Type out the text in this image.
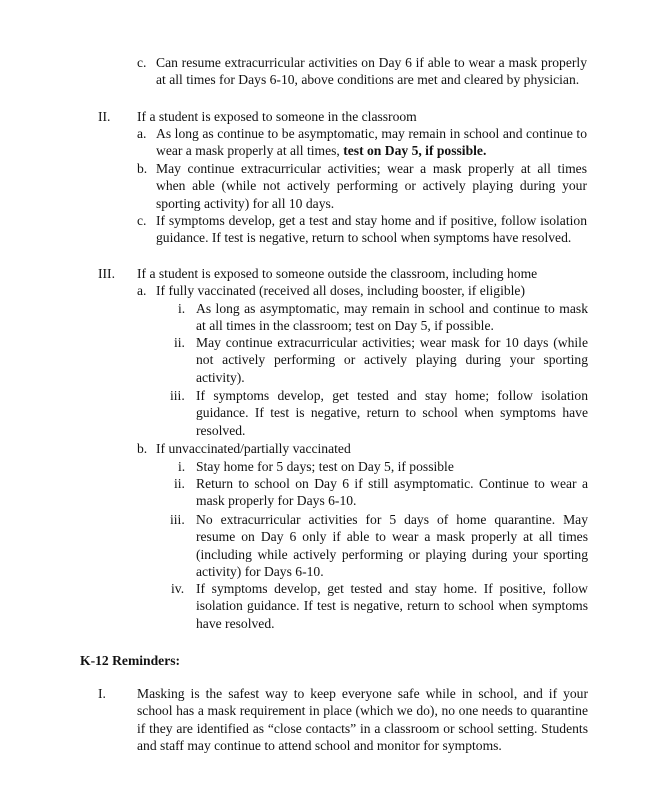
c. Can resume extracurricular activities on Day 6 if able to wear a mask properly at all times for Days 6-10, above conditions are met and cleared by physician.
II. If a student is exposed to someone in the classroom
a. As long as continue to be asymptomatic, may remain in school and continue to wear a mask properly at all times, test on Day 5, if possible.
b. May continue extracurricular activities; wear a mask properly at all times when able (while not actively performing or actively playing during your sporting activity) for all 10 days.
c. If symptoms develop, get a test and stay home and if positive, follow isolation guidance. If test is negative, return to school when symptoms have resolved.
III. If a student is exposed to someone outside the classroom, including home
a. If fully vaccinated (received all doses, including booster, if eligible)
i. As long as asymptomatic, may remain in school and continue to mask at all times in the classroom; test on Day 5, if possible.
ii. May continue extracurricular activities; wear mask for 10 days (while not actively performing or actively playing during your sporting activity).
iii. If symptoms develop, get tested and stay home; follow isolation guidance. If test is negative, return to school when symptoms have resolved.
b. If unvaccinated/partially vaccinated
i. Stay home for 5 days; test on Day 5, if possible
ii. Return to school on Day 6 if still asymptomatic. Continue to wear a mask properly for Days 6-10.
iii. No extracurricular activities for 5 days of home quarantine. May resume on Day 6 only if able to wear a mask properly at all times (including while actively performing or playing during your sporting activity) for Days 6-10.
iv. If symptoms develop, get tested and stay home. If positive, follow isolation guidance. If test is negative, return to school when symptoms have resolved.
K-12 Reminders:
I. Masking is the safest way to keep everyone safe while in school, and if your school has a mask requirement in place (which we do), no one needs to quarantine if they are identified as “close contacts” in a classroom or school setting. Students and staff may continue to attend school and monitor for symptoms.
